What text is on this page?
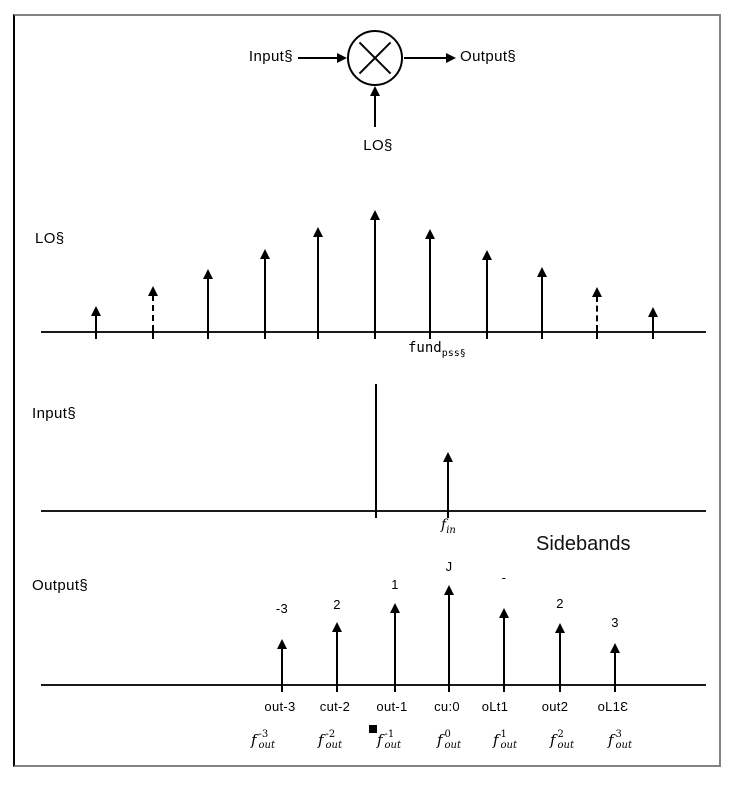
Input§	Output§
LO§
LO§
fund$_{pss\S}$
Input§
$f_{in}$
Output§
Sidebands
-3	2
1
J
-
2
3
out-3 cut-2 out-1 cu:0 oLt1	out2 oL1Ɛ
f -3
out	f -2
out f -1
out f 0
out f 1
out f 2
out f 3
out
